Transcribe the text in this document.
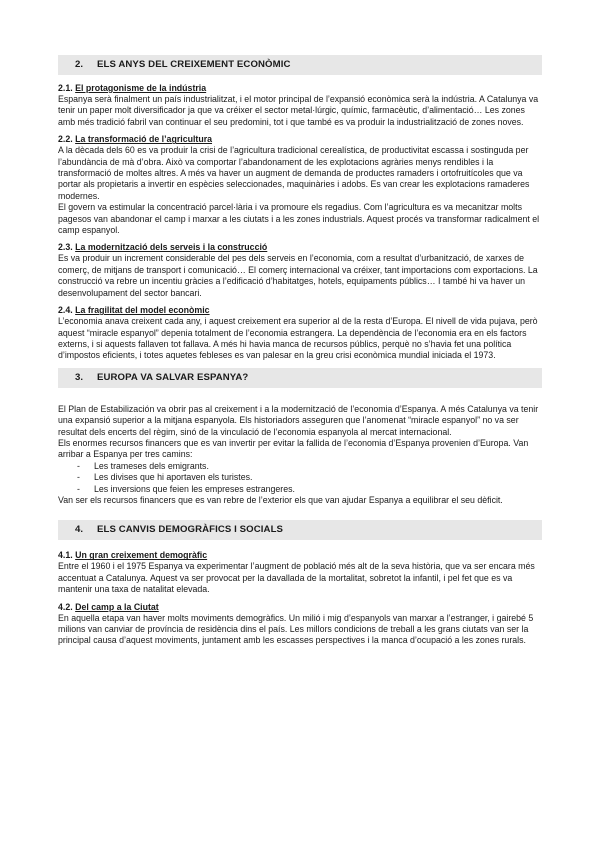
2. ELS ANYS DEL CREIXEMENT ECONÒMIC
2.1. El protagonisme de la indústria

Espanya serà finalment un país industrialitzat, i el motor principal de l’expansió econòmica serà la indústria. A Catalunya va tenir un paper molt diversificador ja que va créixer el sector metal·lúrgic, químic, farmacèutic, d’alimentació… Les zones amb més tradició fabril van continuar el seu predomini, tot i que també es va produir la industrialització de zones noves.

2.2. La transformació de l’agricultura

A la dècada dels 60 es va produir la crisi de l’agricultura tradicional cerealística, de productivitat escassa i sostinguda per l’abundància de mà d’obra. Això va comportar l’abandonament de les explotacions agràries menys rendibles i la transformació de moltes altres. A més va haver un augment de demanda de productes ramaders i ortofruitícoles que va portar als propietaris a invertir en espècies seleccionades, maquinàries i adobs. Es van crear les explotacions ramaderes modernes.

El govern va estimular la concentració parcel·lària i va promoure els regadius. Com l’agricultura es va mecanitzar molts pagesos van abandonar el camp i marxar a les ciutats i a les zones industrials. Aquest procés va transformar radicalment el camp espanyol.

2.3. La modernització dels serveis i la construcció

Es va produir un increment considerable del pes dels serveis en l’economia, com a resultat d’urbanització, de xarxes de comerç, de mitjans de transport i comunicació… El comerç internacional va créixer, tant importacions com exportacions. La construcció va rebre un incentiu gràcies a l’edificació d’habitatges, hotels, equipaments públics… I també hi va haver un desenvolupament del sector bancari.

2.4. La fragilitat del model econòmic

L’economia anava creixent cada any, i aquest creixement era superior al de la resta d’Europa. El nivell de vida pujava, però aquest “miracle espanyol” depenia totalment de l’economia estrangera. La dependència de l’economia era en els factors externs, i si aquests fallaven tot fallava. A més hi havia manca de recursos públics, perquè no s’havia fet una política d’impostos eficients, i totes aquetes febleses es van palesar en la greu crisi econòmica mundial iniciada el 1973.

3. EUROPA VA SALVAR ESPANYA?

El Plan de Estabilización va obrir pas al creixement i a la modernització de l’economia d’Espanya. A més Catalunya va tenir una expansió superior a la mitjana espanyola. Els historiadors asseguren que l’anomenat “miracle espanyol” no va ser resultat dels encerts del règim, sinó de la vinculació de l’economia espanyola al mercat internacional.

Els enormes recursos financers que es van invertir per evitar la fallida de l’economia d’Espanya provenien d’Europa. Van arribar a Espanya per tres camins:

- Les trameses dels emigrants.
- Les divises que hi aportaven els turistes.
- Les inversions que feien les empreses estrangeres.

Van ser els recursos financers que es van rebre de l’exterior els que van ajudar Espanya a equilibrar el seu dèficit.

4. ELS CANVIS DEMOGRÀFICS I SOCIALS
4.1. Un gran creixement demogràfic

Entre el 1960 i el 1975 Espanya va experimentar l’augment de població més alt de la seva història, que va ser encara més accentuat a Catalunya. Aquest va ser provocat per la davallada de la mortalitat, sobretot la infantil, i pel fet que es va mantenir una taxa de natalitat elevada.

4.2. Del camp a la Ciutat

En aquella etapa van haver molts moviments demogràfics. Un milió i mig d’espanyols van marxar a l’estranger, i gairebé 5 milions van canviar de província de residència dins el país. Les millors condicions de treball a les grans ciutats van ser la principal causa d’aquest moviments, juntament amb les escasses perspectives i la manca d’ocupació a les zones rurals.
